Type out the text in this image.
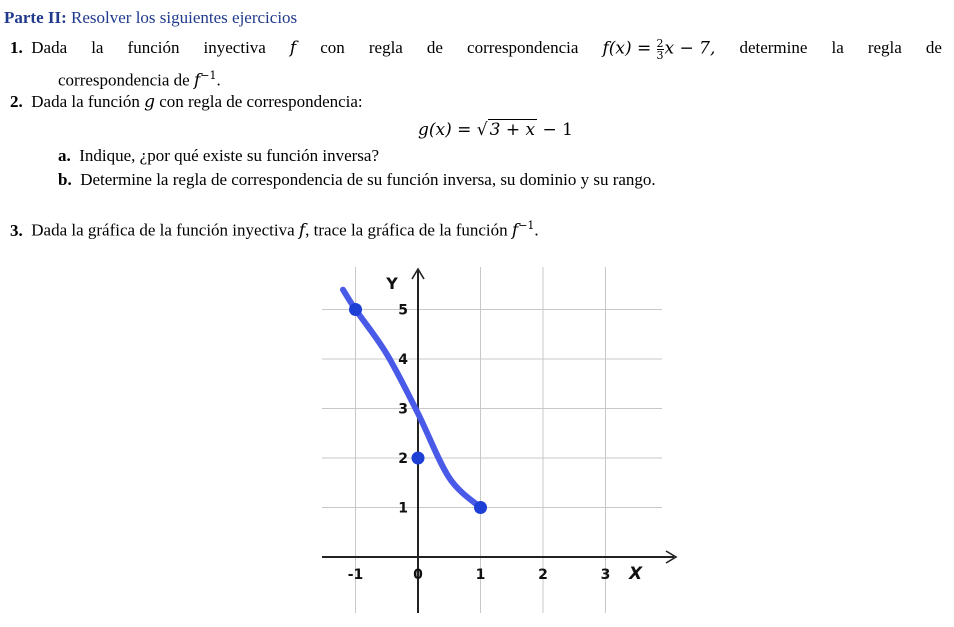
Parte II: Resolver los siguientes ejercicios
1. Dada la función inyectiva f con regla de correspondencia $f(x) = \frac{2}{3}$ x − 7, determine la regla de
correspondencia de $f^{-1}$.
2. Dada la función g con regla de correspondencia:
g(x) = √ 3 + x − 1
a. Indique, ¿por qué existe su función inversa?
b. Determine la regla de correspondencia de su función inversa, su dominio y su rango.
3. Dada la gráfica de la función inyectiva f, trace la gráfica de la función $f^{-1}$.
-1	0	1	2	3
1
2
3
4
5
X
Y
